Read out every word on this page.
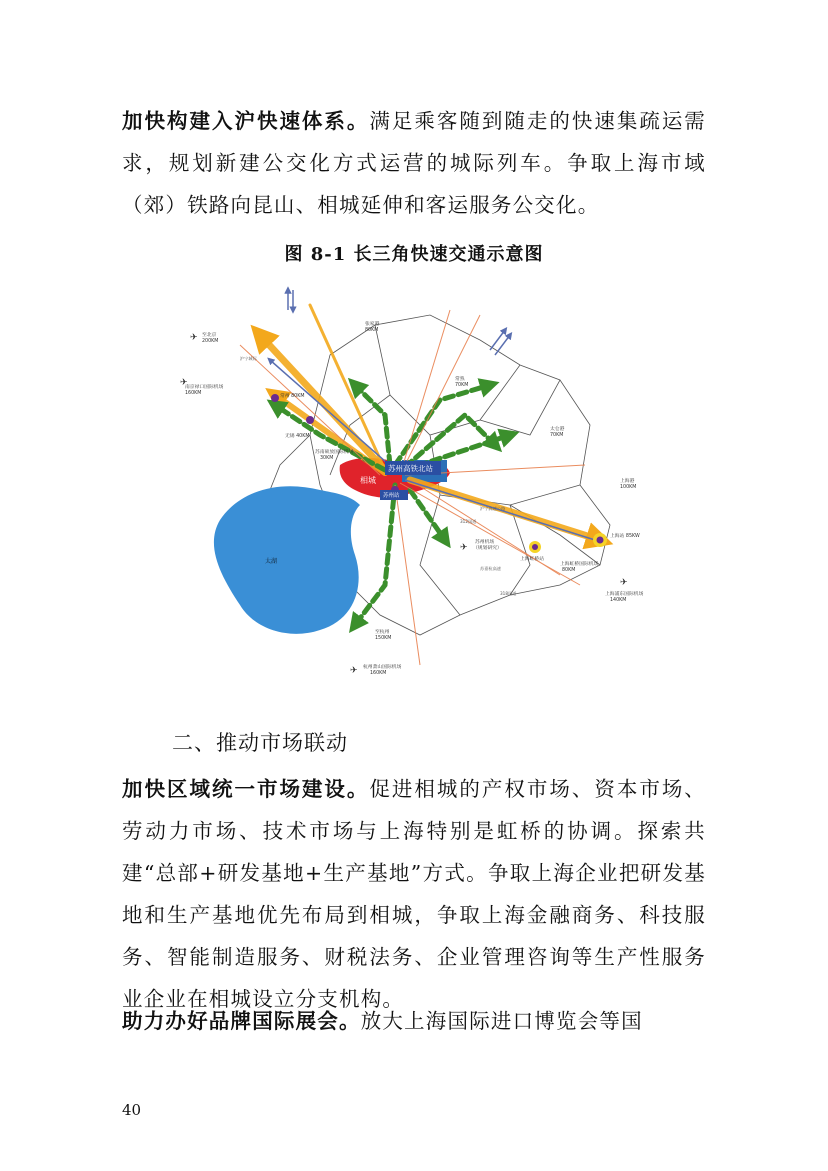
加快构建入沪快速体系。满足乘客随到随走的快速集疏运需求，规划新建公交化方式运营的城际列车。争取上海市域（郊）铁路向昆山、相城延伸和客运服务公交化。

图 8-1 长三角快速交通示意图
太湖
苏州高铁北站
苏州站
相城
✈ 至北京
200KM
✈
南京禄口国际机场
160KM
常州 80KM
无锡 40KM
苏南硕放国际机场
30KM
张家港
80KM
常熟
70KM
太仓港
70KM
上海港
100KM
上海站 85KW
上海虹桥站
上海虹桥国际机场
80KM
✈
上海浦东国际机场
140KM
✈
苏州机场
（规划研究）
至杭州
150KM
✈ 杭州萧山国际机场
160KM
沪宁城际
312国道
沪宁高速公路
苏嘉杭高速
318国道
二、推动市场联动

加快区域统一市场建设。促进相城的产权市场、资本市场、劳动力市场、技术市场与上海特别是虹桥的协调。探索共建“总部+研发基地+生产基地”方式。争取上海企业把研发基地和生产基地优先布局到相城，争取上海金融商务、科技服务、智能制造服务、财税法务、企业管理咨询等生产性服务业企业在相城设立分支机构。

助力办好品牌国际展会。放大上海国际进口博览会等国

40
